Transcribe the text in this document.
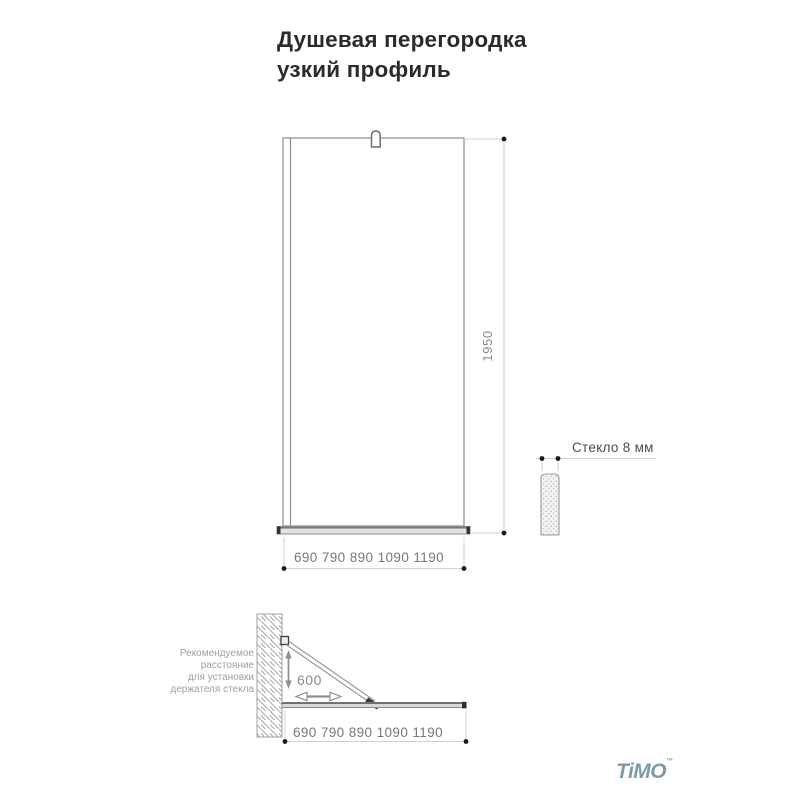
Душевая перегородка
узкий профиль
1950
690 790 890 1090 1190
Стекло 8 мм
Рекомендуемое
расстояние
для установки
держателя стекла
600
690 790 890 1090 1190
TiMO™
